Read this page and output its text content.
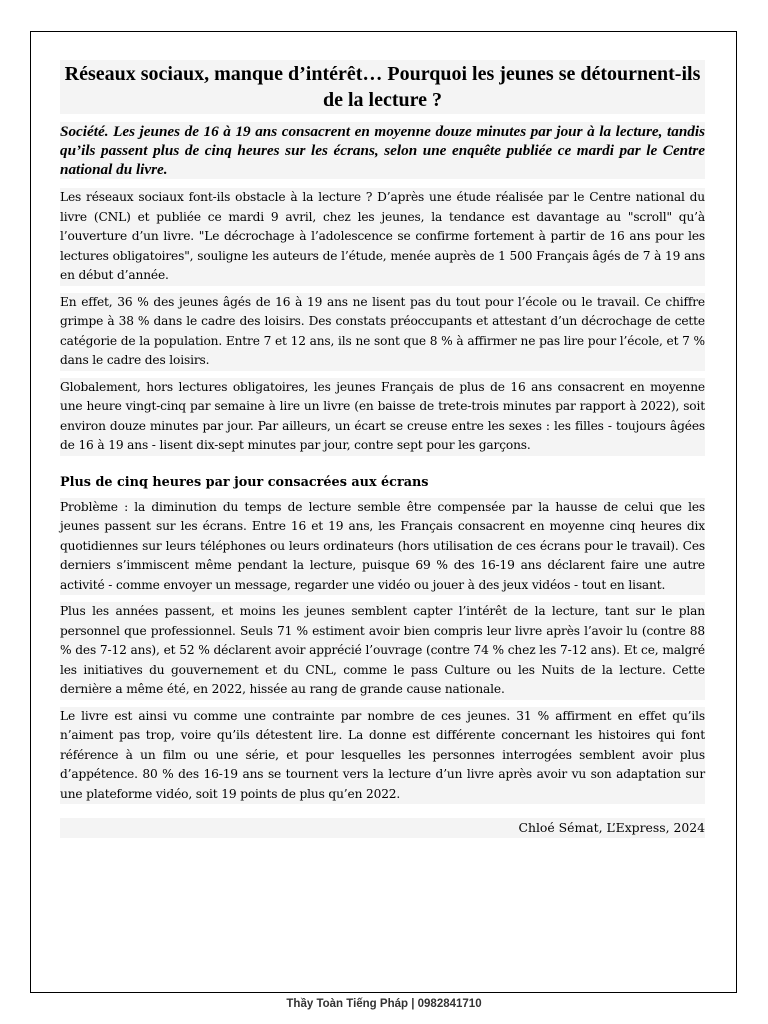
Réseaux sociaux, manque d’intérêt… Pourquoi les jeunes se détournent-ils de la lecture ?

Société. Les jeunes de 16 à 19 ans consacrent en moyenne douze minutes par jour à la lecture, tandis qu’ils passent plus de cinq heures sur les écrans, selon une enquête publiée ce mardi par le Centre national du livre.

Les réseaux sociaux font-ils obstacle à la lecture ? D’après une étude réalisée par le Centre national du livre (CNL) et publiée ce mardi 9 avril, chez les jeunes, la tendance est davantage au "scroll" qu’à l’ouverture d’un livre. "Le décrochage à l’adolescence se confirme fortement à partir de 16 ans pour les lectures obligatoires", souligne les auteurs de l’étude, menée auprès de 1 500 Français âgés de 7 à 19 ans en début d’année.

En effet, 36 % des jeunes âgés de 16 à 19 ans ne lisent pas du tout pour l’école ou le travail. Ce chiffre grimpe à 38 % dans le cadre des loisirs. Des constats préoccupants et attestant d’un décrochage de cette catégorie de la population. Entre 7 et 12 ans, ils ne sont que 8 % à affirmer ne pas lire pour l’école, et 7 % dans le cadre des loisirs.

Globalement, hors lectures obligatoires, les jeunes Français de plus de 16 ans consacrent en moyenne une heure vingt-cinq par semaine à lire un livre (en baisse de trete-trois minutes par rapport à 2022), soit environ douze minutes par jour. Par ailleurs, un écart se creuse entre les sexes : les filles - toujours âgées de 16 à 19 ans - lisent dix-sept minutes par jour, contre sept pour les garçons.

Plus de cinq heures par jour consacrées aux écrans

Problème : la diminution du temps de lecture semble être compensée par la hausse de celui que les jeunes passent sur les écrans. Entre 16 et 19 ans, les Français consacrent en moyenne cinq heures dix quotidiennes sur leurs téléphones ou leurs ordinateurs (hors utilisation de ces écrans pour le travail). Ces derniers s’immiscent même pendant la lecture, puisque 69 % des 16-19 ans déclarent faire une autre activité - comme envoyer un message, regarder une vidéo ou jouer à des jeux vidéos - tout en lisant.

Plus les années passent, et moins les jeunes semblent capter l’intérêt de la lecture, tant sur le plan personnel que professionnel. Seuls 71 % estiment avoir bien compris leur livre après l’avoir lu (contre 88 % des 7-12 ans), et 52 % déclarent avoir apprécié l’ouvrage (contre 74 % chez les 7-12 ans). Et ce, malgré les initiatives du gouvernement et du CNL, comme le pass Culture ou les Nuits de la lecture. Cette dernière a même été, en 2022, hissée au rang de grande cause nationale.

Le livre est ainsi vu comme une contrainte par nombre de ces jeunes. 31 % affirment en effet qu’ils n’aiment pas trop, voire qu’ils détestent lire. La donne est différente concernant les histoires qui font référence à un film ou une série, et pour lesquelles les personnes interrogées semblent avoir plus d’appétence. 80 % des 16-19 ans se tournent vers la lecture d’un livre après avoir vu son adaptation sur une plateforme vidéo, soit 19 points de plus qu’en 2022.

Chloé Sémat, L’Express, 2024
Thầy Toàn Tiếng Pháp | 0982841710
